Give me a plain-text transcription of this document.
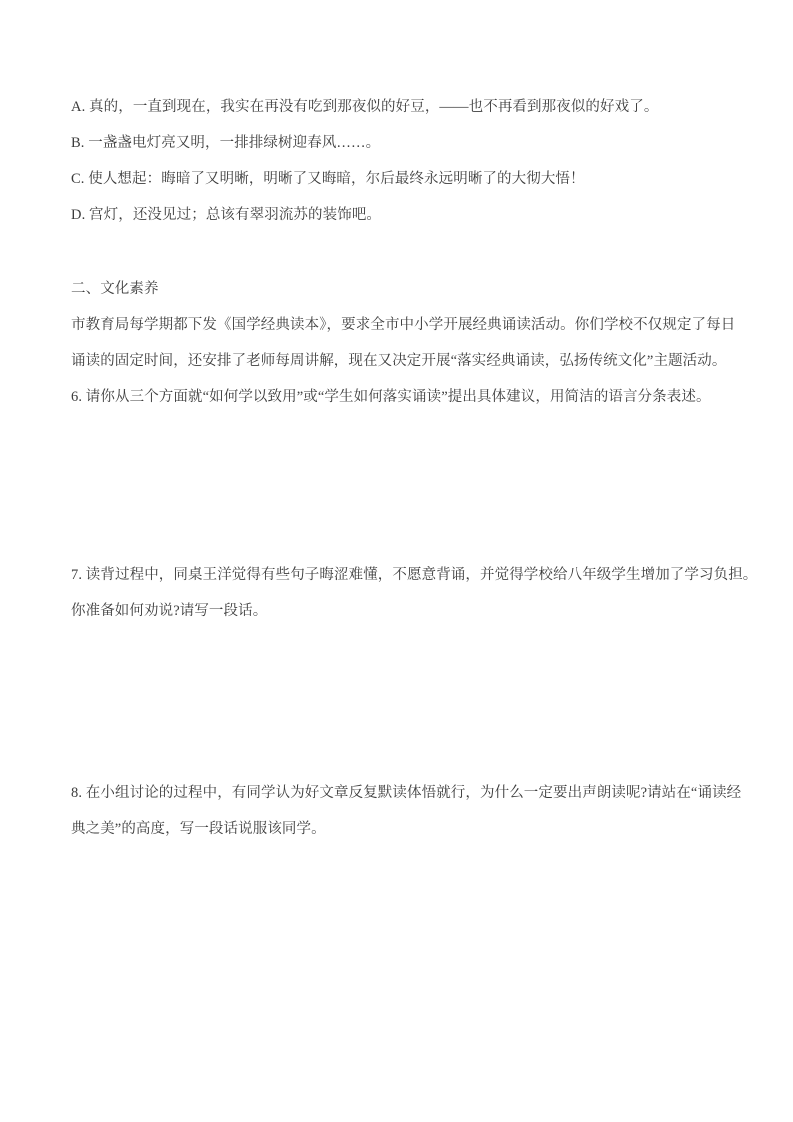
A. 真的，一直到现在，我实在再没有吃到那夜似的好豆，——也不再看到那夜似的好戏了。

B. 一盏盏电灯亮又明，一排排绿树迎春风……。

C. 使人想起：晦暗了又明晰，明晰了又晦暗，尔后最终永远明晰了的大彻大悟！

D. 宫灯，还没见过；总该有翠羽流苏的装饰吧。

二、文化素养

市教育局每学期都下发《国学经典读本》，要求全市中小学开展经典诵读活动。你们学校不仅规定了每日

诵读的固定时间，还安排了老师每周讲解，现在又决定开展“落实经典诵读，弘扬传统文化”主题活动。

6. 请你从三个方面就“如何学以致用”或“学生如何落实诵读”提出具体建议，用简洁的语言分条表述。

7. 读背过程中，同桌王洋觉得有些句子晦涩难懂，不愿意背诵，并觉得学校给八年级学生增加了学习负担。

你准备如何劝说?请写一段话。

8. 在小组讨论的过程中，有同学认为好文章反复默读体悟就行，为什么一定要出声朗读呢?请站在“诵读经

典之美”的高度，写一段话说服该同学。
